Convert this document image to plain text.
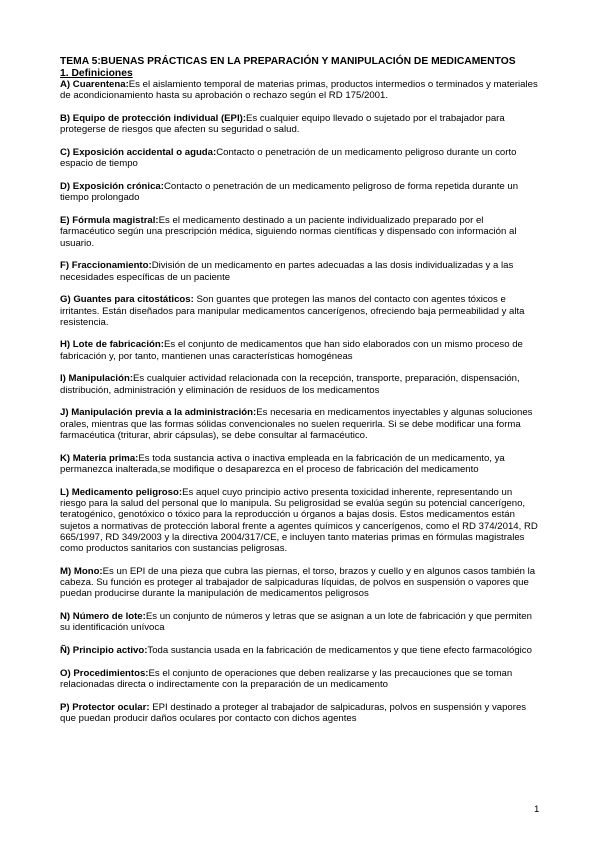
TEMA 5:BUENAS PRÁCTICAS EN LA PREPARACIÓN Y MANIPULACIÓN DE MEDICAMENTOS

1. Definiciones

A) Cuarentena:Es el aislamiento temporal de materias primas, productos intermedios o terminados y materiales de acondicionamiento hasta su aprobación o rechazo según el RD 175/2001.

B) Equipo de protección individual (EPI):Es cualquier equipo llevado o sujetado por el trabajador para protegerse de riesgos que afecten su seguridad o salud.

C) Exposición accidental o aguda:Contacto o penetración de un medicamento peligroso durante un corto espacio de tiempo

D) Exposición crónica:Contacto o penetración de un medicamento peligroso de forma repetida durante un tiempo prolongado

E) Fórmula magistral:Es el medicamento destinado a un paciente individualizado preparado por el farmacéutico según una prescripción médica, siguiendo normas científicas y dispensado con información al usuario.

F) Fraccionamiento:División de un medicamento en partes adecuadas a las dosis individualizadas y a las necesidades específicas de un paciente

G) Guantes para citostáticos: Son guantes que protegen las manos del contacto con agentes tóxicos e irritantes. Están diseñados para manipular medicamentos cancerígenos, ofreciendo baja permeabilidad y alta resistencia.

H) Lote de fabricación:Es el conjunto de medicamentos que han sido elaborados con un mismo proceso de fabricación y, por tanto, mantienen unas características homogéneas

I) Manipulación:Es cualquier actividad relacionada con la recepción, transporte, preparación, dispensación, distribución, administración y eliminación de residuos de los medicamentos

J) Manipulación previa a la administración:Es necesaria en medicamentos inyectables y algunas soluciones orales, mientras que las formas sólidas convencionales no suelen requerirla. Si se debe modificar una forma farmacéutica (triturar, abrir cápsulas), se debe consultar al farmacéutico.

K) Materia prima:Es toda sustancia activa o inactiva empleada en la fabricación de un medicamento, ya permanezca inalterada,se modifique o desaparezca en el proceso de fabricación del medicamento

L) Medicamento peligroso:Es aquel cuyo principio activo presenta toxicidad inherente, representando un riesgo para la salud del personal que lo manipula. Su peligrosidad se evalúa según su potencial cancerígeno, teratogénico, genotóxico o tóxico para la reproducción u órganos a bajas dosis. Estos medicamentos están sujetos a normativas de protección laboral frente a agentes químicos y cancerígenos, como el RD 374/2014, RD 665/1997, RD 349/2003 y la directiva 2004/317/CE, e incluyen tanto materias primas en fórmulas magistrales como productos sanitarios con sustancias peligrosas.

M) Mono:Es un EPI de una pieza que cubra las piernas, el torso, brazos y cuello y en algunos casos también la cabeza. Su función es proteger al trabajador de salpicaduras líquidas, de polvos en suspensión o vapores que puedan producirse durante la manipulación de medicamentos peligrosos

N) Número de lote:Es un conjunto de números y letras que se asignan a un lote de fabricación y que permiten su identificación unívoca

Ñ) Principio activo:Toda sustancia usada en la fabricación de medicamentos y que tiene efecto farmacológico

O) Procedimientos:Es el conjunto de operaciones que deben realizarse y las precauciones que se toman relacionadas directa o indirectamente con la preparación de un medicamento

P) Protector ocular: EPI destinado a proteger al trabajador de salpicaduras, polvos en suspensión y vapores que puedan producir daños oculares por contacto con dichos agentes

1
